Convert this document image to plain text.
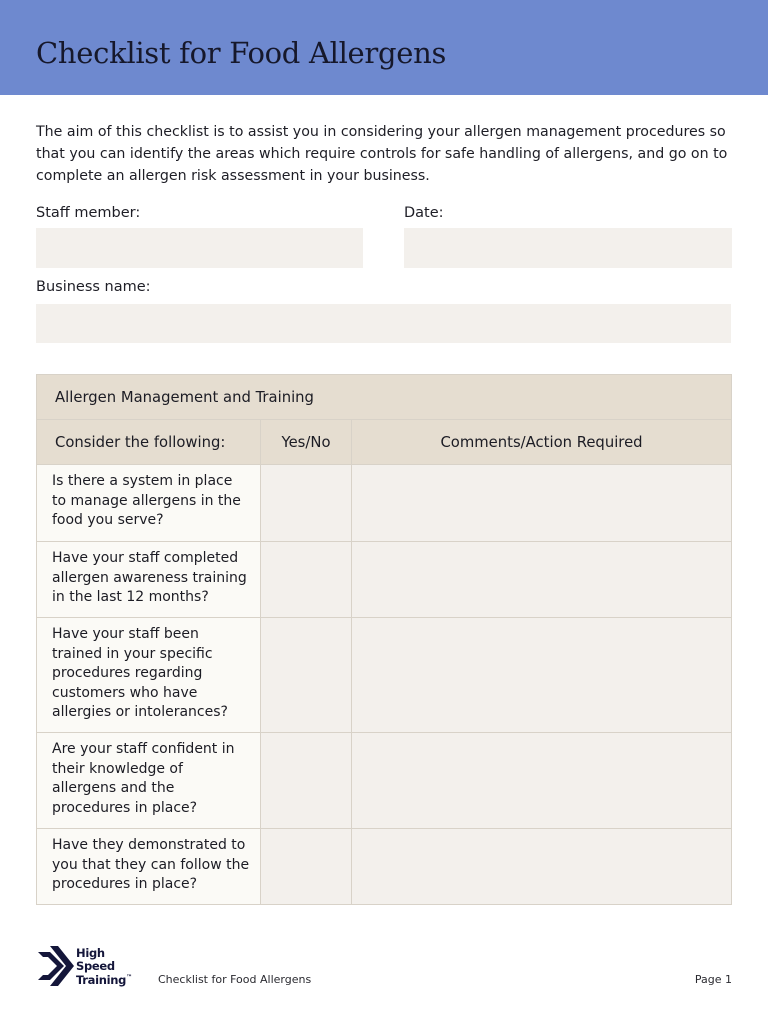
Checklist for Food Allergens

The aim of this checklist is to assist you in considering your allergen management procedures so that you can identify the areas which require controls for safe handling of allergens, and go on to complete an allergen risk assessment in your business.

Staff member:	Date:
Business name:
Allergen Management and Training		
Consider the following:	Yes/No	Comments/Action Required
Is there a system in place to manage allergens in the food you serve?		
Have your staff completed allergen awareness training in the last 12 months?		
Have your staff been trained in your specific procedures regarding customers who have allergies or intolerances?		
Are your staff confident in their knowledge of allergens and the procedures in place?		
Have they demonstrated to you that they can follow the procedures in place?		
High
Speed
Training™ Checklist for Food Allergens	Page 1
